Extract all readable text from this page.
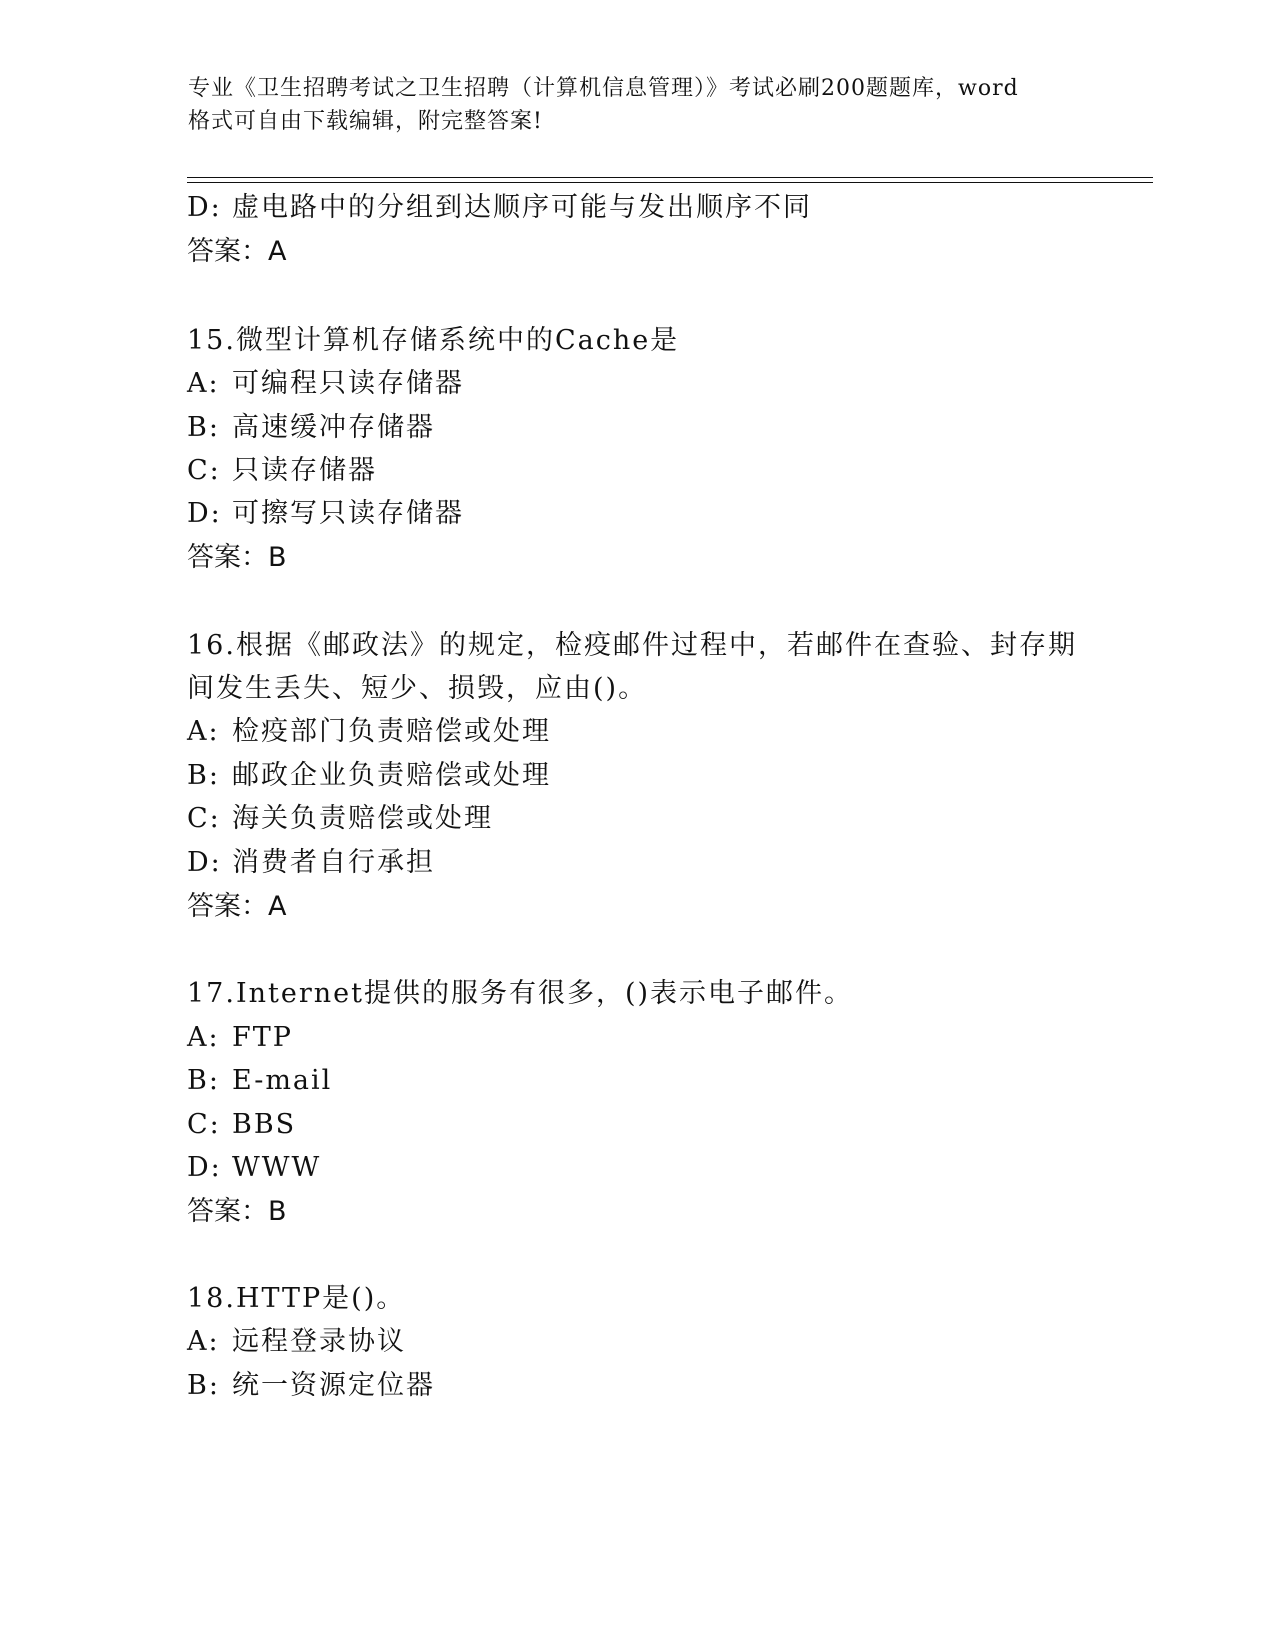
专业《卫生招聘考试之卫生招聘（计算机信息管理）》考试必刷200题题库，word
格式可自由下载编辑，附完整答案!
D: 虚电路中的分组到达顺序可能与发出顺序不同
答案：A
15.微型计算机存储系统中的Cache是
A: 可编程只读存储器
B: 高速缓冲存储器
C: 只读存储器
D: 可擦写只读存储器
答案：B
16.根据《邮政法》的规定，检疫邮件过程中，若邮件在查验、封存期
间发生丢失、短少、损毁，应由()。
A: 检疫部门负责赔偿或处理
B: 邮政企业负责赔偿或处理
C: 海关负责赔偿或处理
D: 消费者自行承担
答案：A
17.Internet提供的服务有很多，()表示电子邮件。
A: FTP
B: E-mail
C: BBS
D: WWW
答案：B
18.HTTP是()。
A: 远程登录协议
B: 统一资源定位器
